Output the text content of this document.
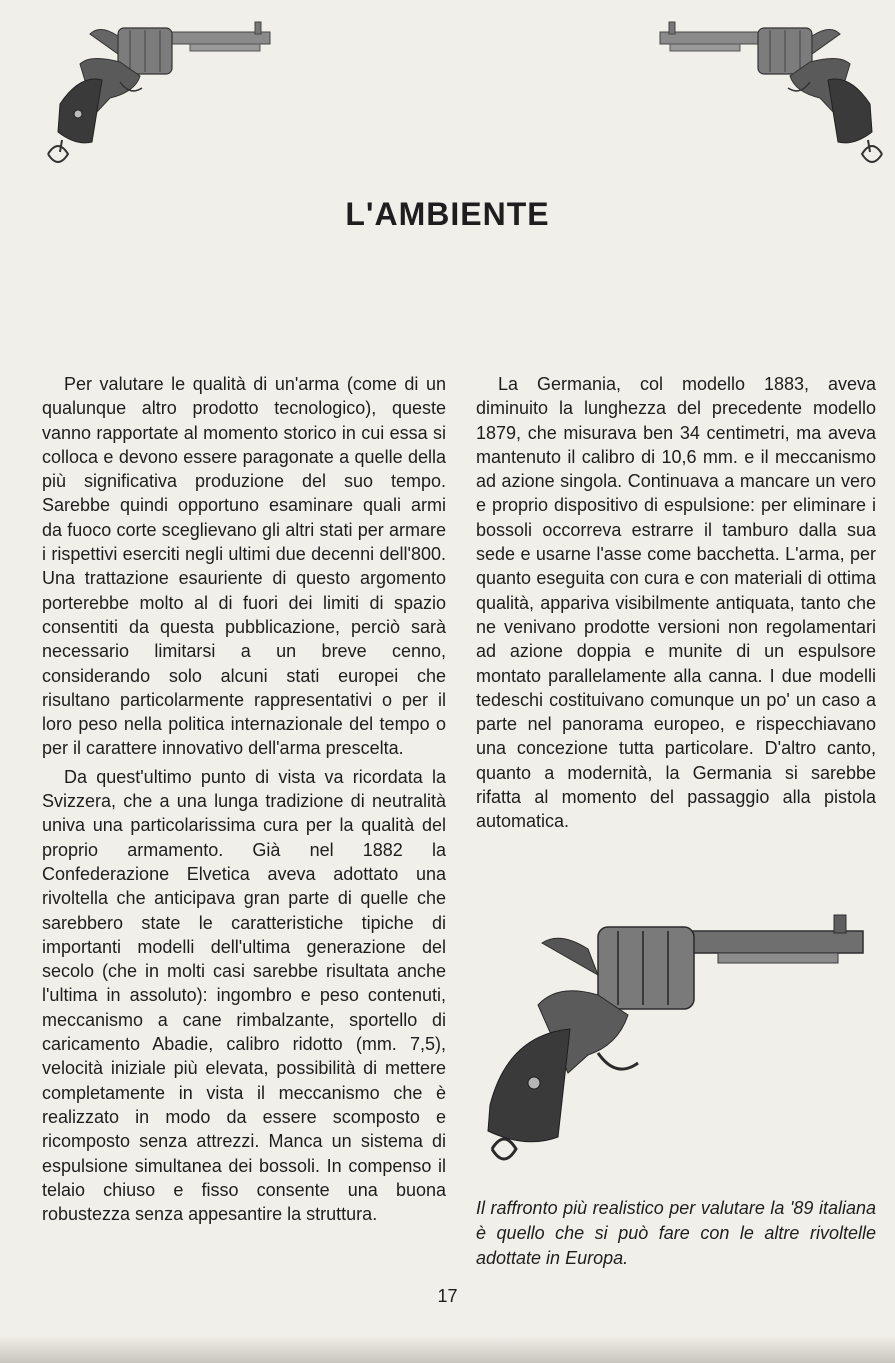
L'AMBIENTE

Per valutare le qualità di un'arma (come di un qualunque altro prodotto tecnologico), queste vanno rapportate al momento storico in cui essa si colloca e devono essere paragonate a quelle della più significativa produzione del suo tempo. Sarebbe quindi opportuno esaminare quali armi da fuoco corte sceglievano gli altri stati per armare i rispettivi eserciti negli ultimi due decenni dell'800. Una trattazione esauriente di questo argomento porterebbe molto al di fuori dei limiti di spazio consentiti da questa pubblicazione, perciò sarà necessario limitarsi a un breve cenno, considerando solo alcuni stati europei che risultano particolarmente rappresentativi o per il loro peso nella politica internazionale del tempo o per il carattere innovativo dell'arma prescelta.

Da quest'ultimo punto di vista va ricordata la Svizzera, che a una lunga tradizione di neutralità univa una particolarissima cura per la qualità del proprio armamento. Già nel 1882 la Confederazione Elvetica aveva adottato una rivoltella che anticipava gran parte di quelle che sarebbero state le caratteristiche tipiche di importanti modelli dell'ultima generazione del secolo (che in molti casi sarebbe risultata anche l'ultima in assoluto): ingombro e peso contenuti, meccanismo a cane rimbalzante, sportello di caricamento Abadie, calibro ridotto (mm. 7,5), velocità iniziale più elevata, possibilità di mettere completamente in vista il meccanismo che è realizzato in modo da essere scomposto e ricomposto senza attrezzi. Manca un sistema di espulsione simultanea dei bossoli. In compenso il telaio chiuso e fisso consente una buona robustezza senza appesantire la struttura.

La Germania, col modello 1883, aveva diminuito la lunghezza del precedente modello 1879, che misurava ben 34 centimetri, ma aveva mantenuto il calibro di 10,6 mm. e il meccanismo ad azione singola. Continuava a mancare un vero e proprio dispositivo di espulsione: per eliminare i bossoli occorreva estrarre il tamburo dalla sua sede e usarne l'asse come bacchetta. L'arma, per quanto eseguita con cura e con materiali di ottima qualità, appariva visibilmente antiquata, tanto che ne venivano prodotte versioni non regolamentari ad azione doppia e munite di un espulsore montato parallelamente alla canna. I due modelli tedeschi costituivano comunque un po' un caso a parte nel panorama europeo, e rispecchiavano una concezione tutta particolare. D'altro canto, quanto a modernità, la Germania si sarebbe rifatta al momento del passaggio alla pistola automatica.

Il raffronto più realistico per valutare la '89 italiana è quello che si può fare con le altre rivoltelle adottate in Europa.

17
